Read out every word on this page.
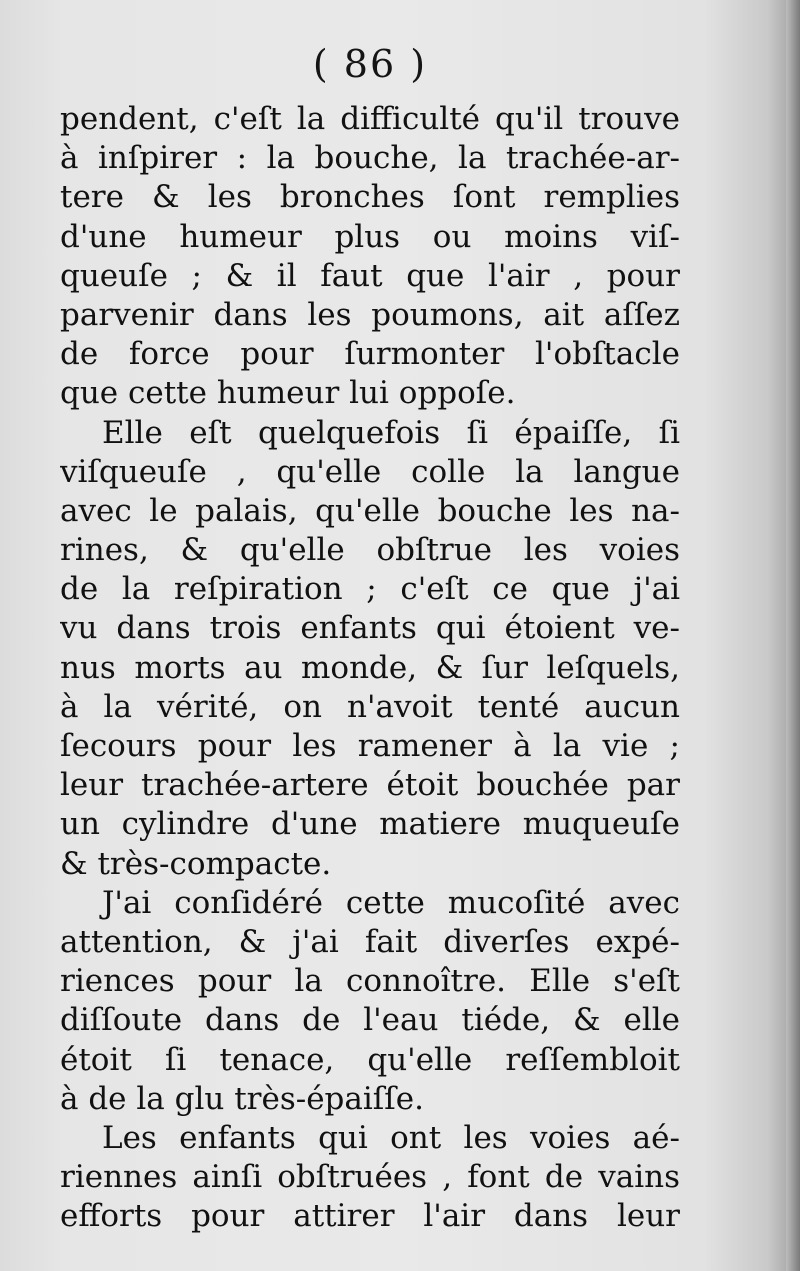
( 86 )
pendent, c'eſt la difficulté qu'il trouve
à inſpirer : la bouche, la trachée-ar-
tere & les bronches ſont remplies
d'une humeur plus ou moins viſ-
queuſe ; & il faut que l'air , pour
parvenir dans les poumons, ait aſſez
de force pour ſurmonter l'obſtacle
que cette humeur lui oppoſe.
Elle eſt quelquefois ſi épaiſſe, ſi
viſqueuſe , qu'elle colle la langue
avec le palais, qu'elle bouche les na-
rines, & qu'elle obſtrue les voies
de la reſpiration ; c'eſt ce que j'ai
vu dans trois enfants qui étoient ve-
nus morts au monde, & ſur leſquels,
à la vérité, on n'avoit tenté aucun
ſecours pour les ramener à la vie ;
leur trachée-artere étoit bouchée par
un cylindre d'une matiere muqueuſe
& très-compacte.
J'ai conſidéré cette mucoſité avec
attention, & j'ai fait diverſes expé-
riences pour la connoître. Elle s'eſt
diſſoute dans de l'eau tiéde, & elle
étoit ſi tenace, qu'elle reſſembloit
à de la glu très-épaiſſe.
Les enfants qui ont les voies aé-
riennes ainſi obſtruées , font de vains
efforts pour attirer l'air dans leur
